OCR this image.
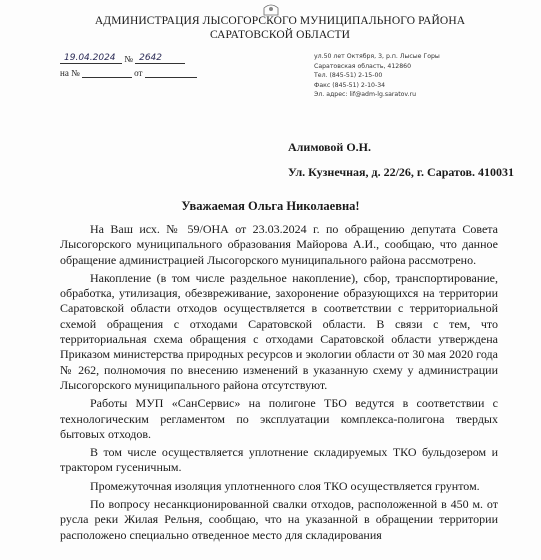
АДМИНИСТРАЦИЯ ЛЫСОГОРСКОГО МУНИЦИПАЛЬНОГО РАЙОНА
САРАТОВСКОЙ ОБЛАСТИ
19.04.2024 № 2642
на №	от
ул.50 лет Октября, 3, р.п. Лысые Горы
Саратовская область, 412860
Тел. (845-51) 2-15-00
Факс (845-51) 2-10-34
Эл. адрес: lif@adm-lg.saratov.ru
Алимовой О.Н.
Ул. Кузнечная, д. 22/26, г. Саратов. 410031
Уважаемая Ольга Николаевна!

На Ваш исх. № 59/ОНА от 23.03.2024 г. по обращению депутата Совета Лысогорского муниципального образования Майорова А.И., сообщаю, что данное обращение администрацией Лысогорского муниципального района рассмотрено.

Накопление (в том числе раздельное накопление), сбор, транспортирование, обработка, утилизация, обезвреживание, захоронение образующихся на территории Саратовской области отходов осуществляется в соответствии с территориальной схемой обращения с отходами Саратовской области. В связи с тем, что территориальная схема обращения с отходами Саратовской области утверждена Приказом министерства природных ресурсов и экологии области от 30 мая 2020 года № 262, полномочия по внесению изменений в указанную схему у администрации Лысогорского муниципального района отсутствуют.

Работы МУП «СанСервис» на полигоне ТБО ведутся в соответствии с технологическим регламентом по эксплуатации комплекса-полигона твердых бытовых отходов.

В том числе осуществляется уплотнение складируемых ТКО бульдозером и трактором гусеничным.

Промежуточная изоляция уплотненного слоя ТКО осуществляется грунтом.

По вопросу несанкционированной свалки отходов, расположенной в 450 м. от русла реки Жилая Рельня, сообщаю, что на указанной в обращении территории расположено специально отведенное место для складирования
